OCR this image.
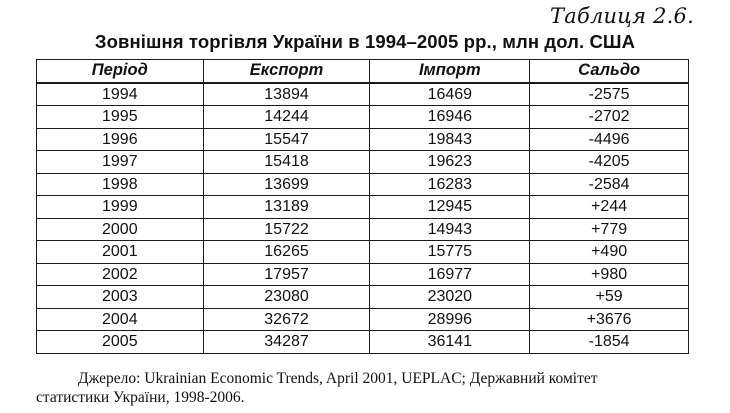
Таблиця 2.6.
Зовнішня торгівля України в 1994–2005 рр., млн дол. США
Період	Експорт	Імпорт	Сальдо
1994	13894	16469	-2575
1995	14244	16946	-2702
1996	15547	19843	-4496
1997	15418	19623	-4205
1998	13699	16283	-2584
1999	13189	12945	+244
2000	15722	14943	+779
2001	16265	15775	+490
2002	17957	16977	+980
2003	23080	23020	+59
2004	32672	28996	+3676
2005	34287	36141	-1854
Джерело: Ukrainian Economic Trends, April 2001, UEPLAC; Державний комітет
статистики України, 1998-2006.
